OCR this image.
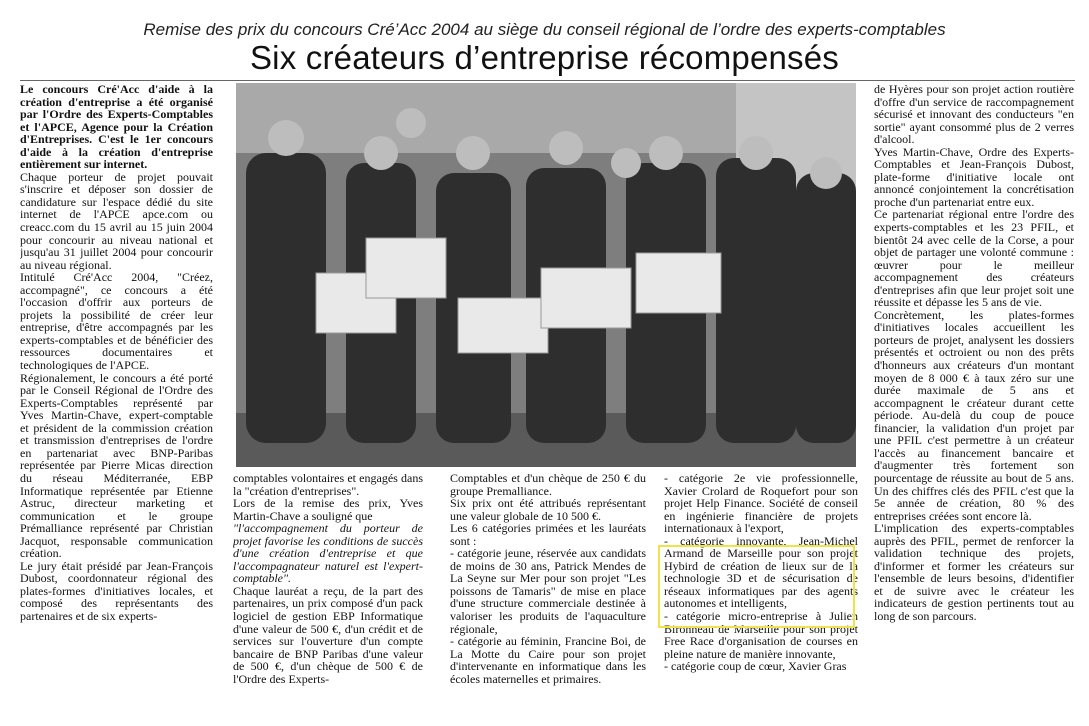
Remise des prix du concours Cré’Acc 2004 au siège du conseil régional de l’ordre des experts-comptables
Six créateurs d’entreprise récompensés

Le concours Cré'Acc d'aide à la création d'entreprise a été organisé par l'Ordre des Experts-Comptables et l'APCE, Agence pour la Création d'Entreprises. C'est le 1er concours d'aide à la création d'entreprise entièrement sur internet.

Chaque porteur de projet pouvait s'inscrire et déposer son dossier de candidature sur l'espace dédié du site internet de l'APCE apce.com ou creacc.com du 15 avril au 15 juin 2004 pour concourir au niveau national et jusqu'au 31 juillet 2004 pour concourir au niveau régional.

Intitulé Cré'Acc 2004, "Créez, accompagné", ce concours a été l'occasion d'offrir aux porteurs de projets la possibilité de créer leur entreprise, d'être accompagnés par les experts-comptables et de bénéficier des ressources documentaires et technologiques de l'APCE.

Régionalement, le concours a été porté par le Conseil Régional de l'Ordre des Experts-Comptables représenté par Yves Martin-Chave, expert-comptable et président de la commission création et transmission d'entreprises de l'ordre en partenariat avec BNP-Paribas représentée par Pierre Micas direction du réseau Méditerranée, EBP Informatique représentée par Etienne Astruc, directeur marketing et communication et le groupe Prémalliance représenté par Christian Jacquot, responsable communication création.

Le jury était présidé par Jean-François Dubost, coordonnateur régional des plates-formes d'initiatives locales, et composé des représentants des partenaires et de six experts-

comptables volontaires et engagés dans la "création d'entreprises".

Lors de la remise des prix, Yves Martin-Chave a souligné que

"l'accompagnement du porteur de projet favorise les conditions de succès d'une création d'entreprise et que l'accompagnateur naturel est l'expert-comptable".

Chaque lauréat a reçu, de la part des partenaires, un prix composé d'un pack logiciel de gestion EBP Informatique d'une valeur de 500 €, d'un crédit et de services sur l'ouverture d'un compte bancaire de BNP Paribas d'une valeur de 500 €, d'un chèque de 500 € de l'Ordre des Experts-

Comptables et d'un chèque de 250 € du groupe Premalliance.

Six prix ont été attribués représentant une valeur globale de 10 500 €.

Les 6 catégories primées et les lauréats sont :

- catégorie jeune, réservée aux candidats de moins de 30 ans, Patrick Mendes de La Seyne sur Mer pour son projet "Les poissons de Tamaris" de mise en place d'une structure commerciale destinée à valoriser les produits de l'aquaculture régionale,

- catégorie au féminin, Francine Boi, de La Motte du Caire pour son projet d'intervenante en informatique dans les écoles maternelles et primaires.

- catégorie 2e vie professionnelle, Xavier Crolard de Roquefort pour son projet Help Finance. Société de conseil en ingénierie financière de projets internationaux à l'export,

- catégorie innovante, Jean-Michel Armand de Marseille pour son projet Hybird de création de lieux sur de la technologie 3D et de sécurisation de réseaux informatiques par des agents autonomes et intelligents,

- catégorie micro-entreprise à Julien Bironneau de Marseille pour son projet Free Race d'organisation de courses en pleine nature de manière innovante,

- catégorie coup de cœur, Xavier Gras

de Hyères pour son projet action routière d'offre d'un service de raccompagnement sécurisé et innovant des conducteurs "en sortie" ayant consommé plus de 2 verres d'alcool.

Yves Martin-Chave, Ordre des Experts-Comptables et Jean-François Dubost, plate-forme d'initiative locale ont annoncé conjointement la concrétisation proche d'un partenariat entre eux.

Ce partenariat régional entre l'ordre des experts-comptables et les 23 PFIL, et bientôt 24 avec celle de la Corse, a pour objet de partager une volonté commune : œuvrer pour le meilleur accompagnement des créateurs d'entreprises afin que leur projet soit une réussite et dépasse les 5 ans de vie.

Concrètement, les plates-formes d'initiatives locales accueillent les porteurs de projet, analysent les dossiers présentés et octroient ou non des prêts d'honneurs aux créateurs d'un montant moyen de 8 000 € à taux zéro sur une durée maximale de 5 ans et accompagnent le créateur durant cette période. Au-delà du coup de pouce financier, la validation d'un projet par une PFIL c'est permettre à un créateur l'accès au financement bancaire et d'augmenter très fortement son pourcentage de réussite au bout de 5 ans. Un des chiffres clés des PFIL c'est que la 5e année de création, 80 % des entreprises créées sont encore là.

L'implication des experts-comptables auprès des PFIL, permet de renforcer la validation technique des projets, d'informer et former les créateurs sur l'ensemble de leurs besoins, d'identifier et de suivre avec le créateur les indicateurs de gestion pertinents tout au long de son parcours.
